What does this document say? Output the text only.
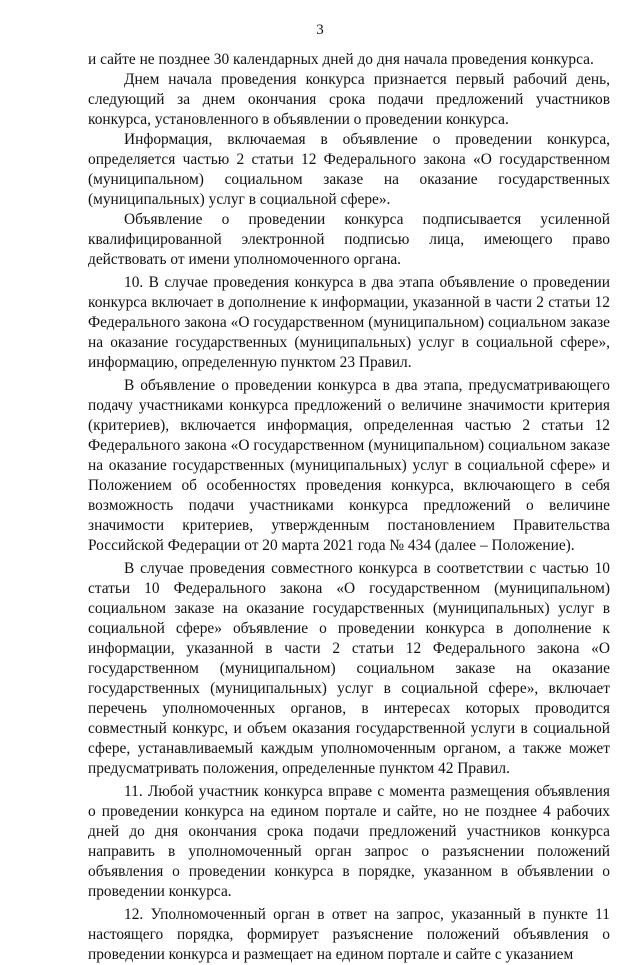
3

и сайте не позднее 30 календарных дней до дня начала проведения конкурса.

Днем начала проведения конкурса признается первый рабочий день, следующий за днем окончания срока подачи предложений участников конкурса, установленного в объявлении о проведении конкурса.

Информация, включаемая в объявление о проведении конкурса, определяется частью 2 статьи 12 Федерального закона «О государственном (муниципальном) социальном заказе на оказание государственных (муниципальных) услуг в социальной сфере».

Объявление о проведении конкурса подписывается усиленной квалифицированной электронной подписью лица, имеющего право действовать от имени уполномоченного органа.

10. В случае проведения конкурса в два этапа объявление о проведении конкурса включает в дополнение к информации, указанной в части 2 статьи 12 Федерального закона «О государственном (муниципальном) социальном заказе на оказание государственных (муниципальных) услуг в социальной сфере», информацию, определенную пунктом 23 Правил.

В объявление о проведении конкурса в два этапа, предусматривающего подачу участниками конкурса предложений о величине значимости критерия (критериев), включается информация, определенная частью 2 статьи 12 Федерального закона «О государственном (муниципальном) социальном заказе на оказание государственных (муниципальных) услуг в социальной сфере» и Положением об особенностях проведения конкурса, включающего в себя возможность подачи участниками конкурса предложений о величине значимости критериев, утвержденным постановлением Правительства Российской Федерации от 20 марта 2021 года № 434 (далее – Положение).

В случае проведения совместного конкурса в соответствии с частью 10 статьи 10 Федерального закона «О государственном (муниципальном) социальном заказе на оказание государственных (муниципальных) услуг в социальной сфере» объявление о проведении конкурса в дополнение к информации, указанной в части 2 статьи 12 Федерального закона «О государственном (муниципальном) социальном заказе на оказание государственных (муниципальных) услуг в социальной сфере», включает перечень уполномоченных органов, в интересах которых проводится совместный конкурс, и объем оказания государственной услуги в социальной сфере, устанавливаемый каждым уполномоченным органом, а также может предусматривать положения, определенные пунктом 42 Правил.

11. Любой участник конкурса вправе с момента размещения объявления о проведении конкурса на едином портале и сайте, но не позднее 4 рабочих дней до дня окончания срока подачи предложений участников конкурса направить в уполномоченный орган запрос о разъяснении положений объявления о проведении конкурса в порядке, указанном в объявлении о проведении конкурса.

12. Уполномоченный орган в ответ на запрос, указанный в пункте 11 настоящего порядка, формирует разъяснение положений объявления о проведении конкурса и размещает на едином портале и сайте с указанием
